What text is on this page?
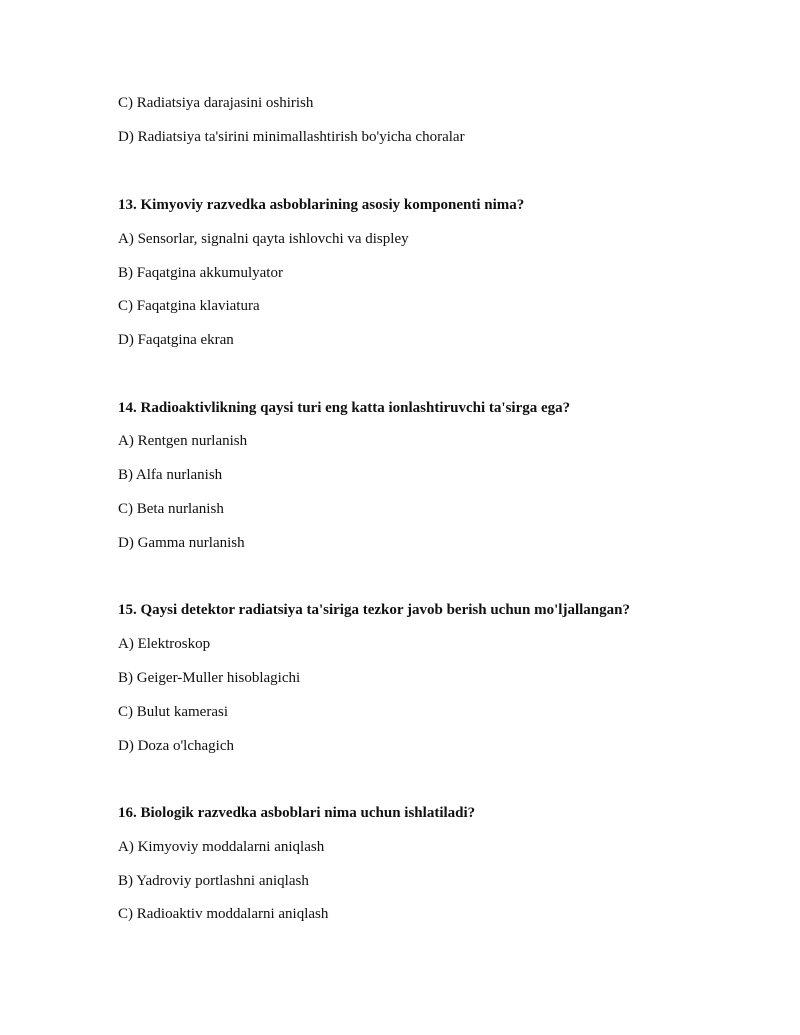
C) Radiatsiya darajasini oshirish
D) Radiatsiya ta'sirini minimallashtirish bo'yicha choralar
13. Kimyoviy razvedka asboblarining asosiy komponenti nima?
A) Sensorlar, signalni qayta ishlovchi va displey
B) Faqatgina akkumulyator
C) Faqatgina klaviatura
D) Faqatgina ekran
14. Radioaktivlikning qaysi turi eng katta ionlashtiruvchi ta'sirga ega?
A) Rentgen nurlanish
B) Alfa nurlanish
C) Beta nurlanish
D) Gamma nurlanish
15. Qaysi detektor radiatsiya ta'siriga tezkor javob berish uchun mo'ljallangan?
A) Elektroskop
B) Geiger-Muller hisoblagichi
C) Bulut kamerasi
D) Doza o'lchagich
16. Biologik razvedka asboblari nima uchun ishlatiladi?
A) Kimyoviy moddalarni aniqlash
B) Yadroviy portlashni aniqlash
C) Radioaktiv moddalarni aniqlash
